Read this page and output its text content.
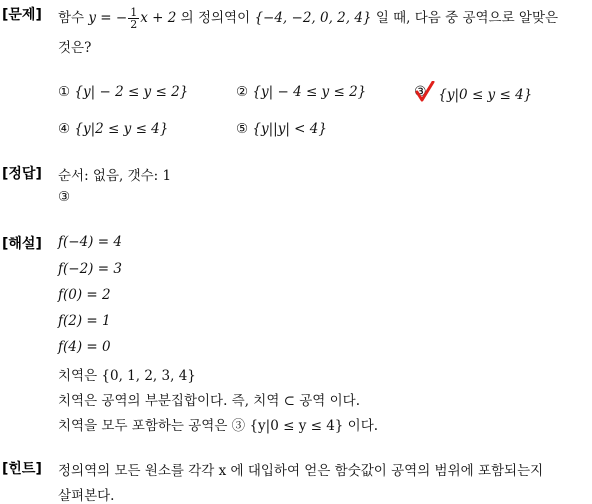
[문제] 함수 y = − $\frac{1}{2}$ x + 2 의 정의역이 {−4, −2, 0, 2, 4} 일 때, 다음 중 공역으로 알맞은
것은?
① {y| − 2 ≤ y ≤ 2}	② {y| − 4 ≤ y ≤ 2}	③ {y|0 ≤ y ≤ 4}
④ {y|2 ≤ y ≤ 4}	⑤ {y||y| < 4}
[정답] 순서: 없음, 갯수: 1
③
[해설] f(−4) = 4
f(−2) = 3
f(0) = 2
f(2) = 1
f(4) = 0
치역은 {0, 1, 2, 3, 4}
치역은 공역의 부분집합이다. 즉, 치역 ⊂ 공역 이다.
치역을 모두 포함하는 공역은 ③ {y|0 ≤ y ≤ 4} 이다.
[힌트] 정의역의 모든 원소를 각각 x 에 대입하여 얻은 함숫값이 공역의 범위에 포함되는지
살펴본다.
